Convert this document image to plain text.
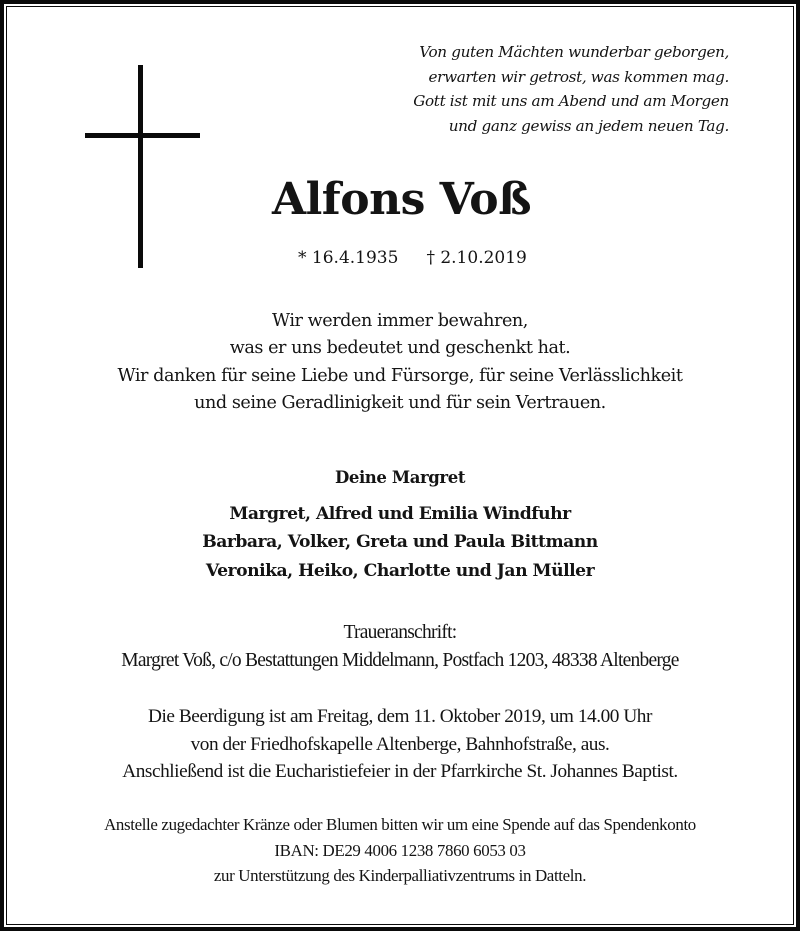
Von guten Mächten wunderbar geborgen,
erwarten wir getrost, was kommen mag.
Gott ist mit uns am Abend und am Morgen
und ganz gewiss an jedem neuen Tag.
Alfons Voß
* 16.4.1935 † 2.10.2019
Wir werden immer bewahren,
was er uns bedeutet und geschenkt hat.
Wir danken für seine Liebe und Fürsorge, für seine Verlässlichkeit
und seine Geradlinigkeit und für sein Vertrauen.
Deine Margret
Margret, Alfred und Emilia Windfuhr
Barbara, Volker, Greta und Paula Bittmann
Veronika, Heiko, Charlotte und Jan Müller
Traueranschrift:
Margret Voß, c/o Bestattungen Middelmann, Postfach 1203, 48338 Altenberge
Die Beerdigung ist am Freitag, dem 11. Oktober 2019, um 14.00 Uhr
von der Friedhofskapelle Altenberge, Bahnhofstraße, aus.
Anschließend ist die Eucharistiefeier in der Pfarrkirche St. Johannes Baptist.
Anstelle zugedachter Kränze oder Blumen bitten wir um eine Spende auf das Spendenkonto
IBAN: DE29 4006 1238 7860 6053 03
zur Unterstützung des Kinderpalliativzentrums in Datteln.
